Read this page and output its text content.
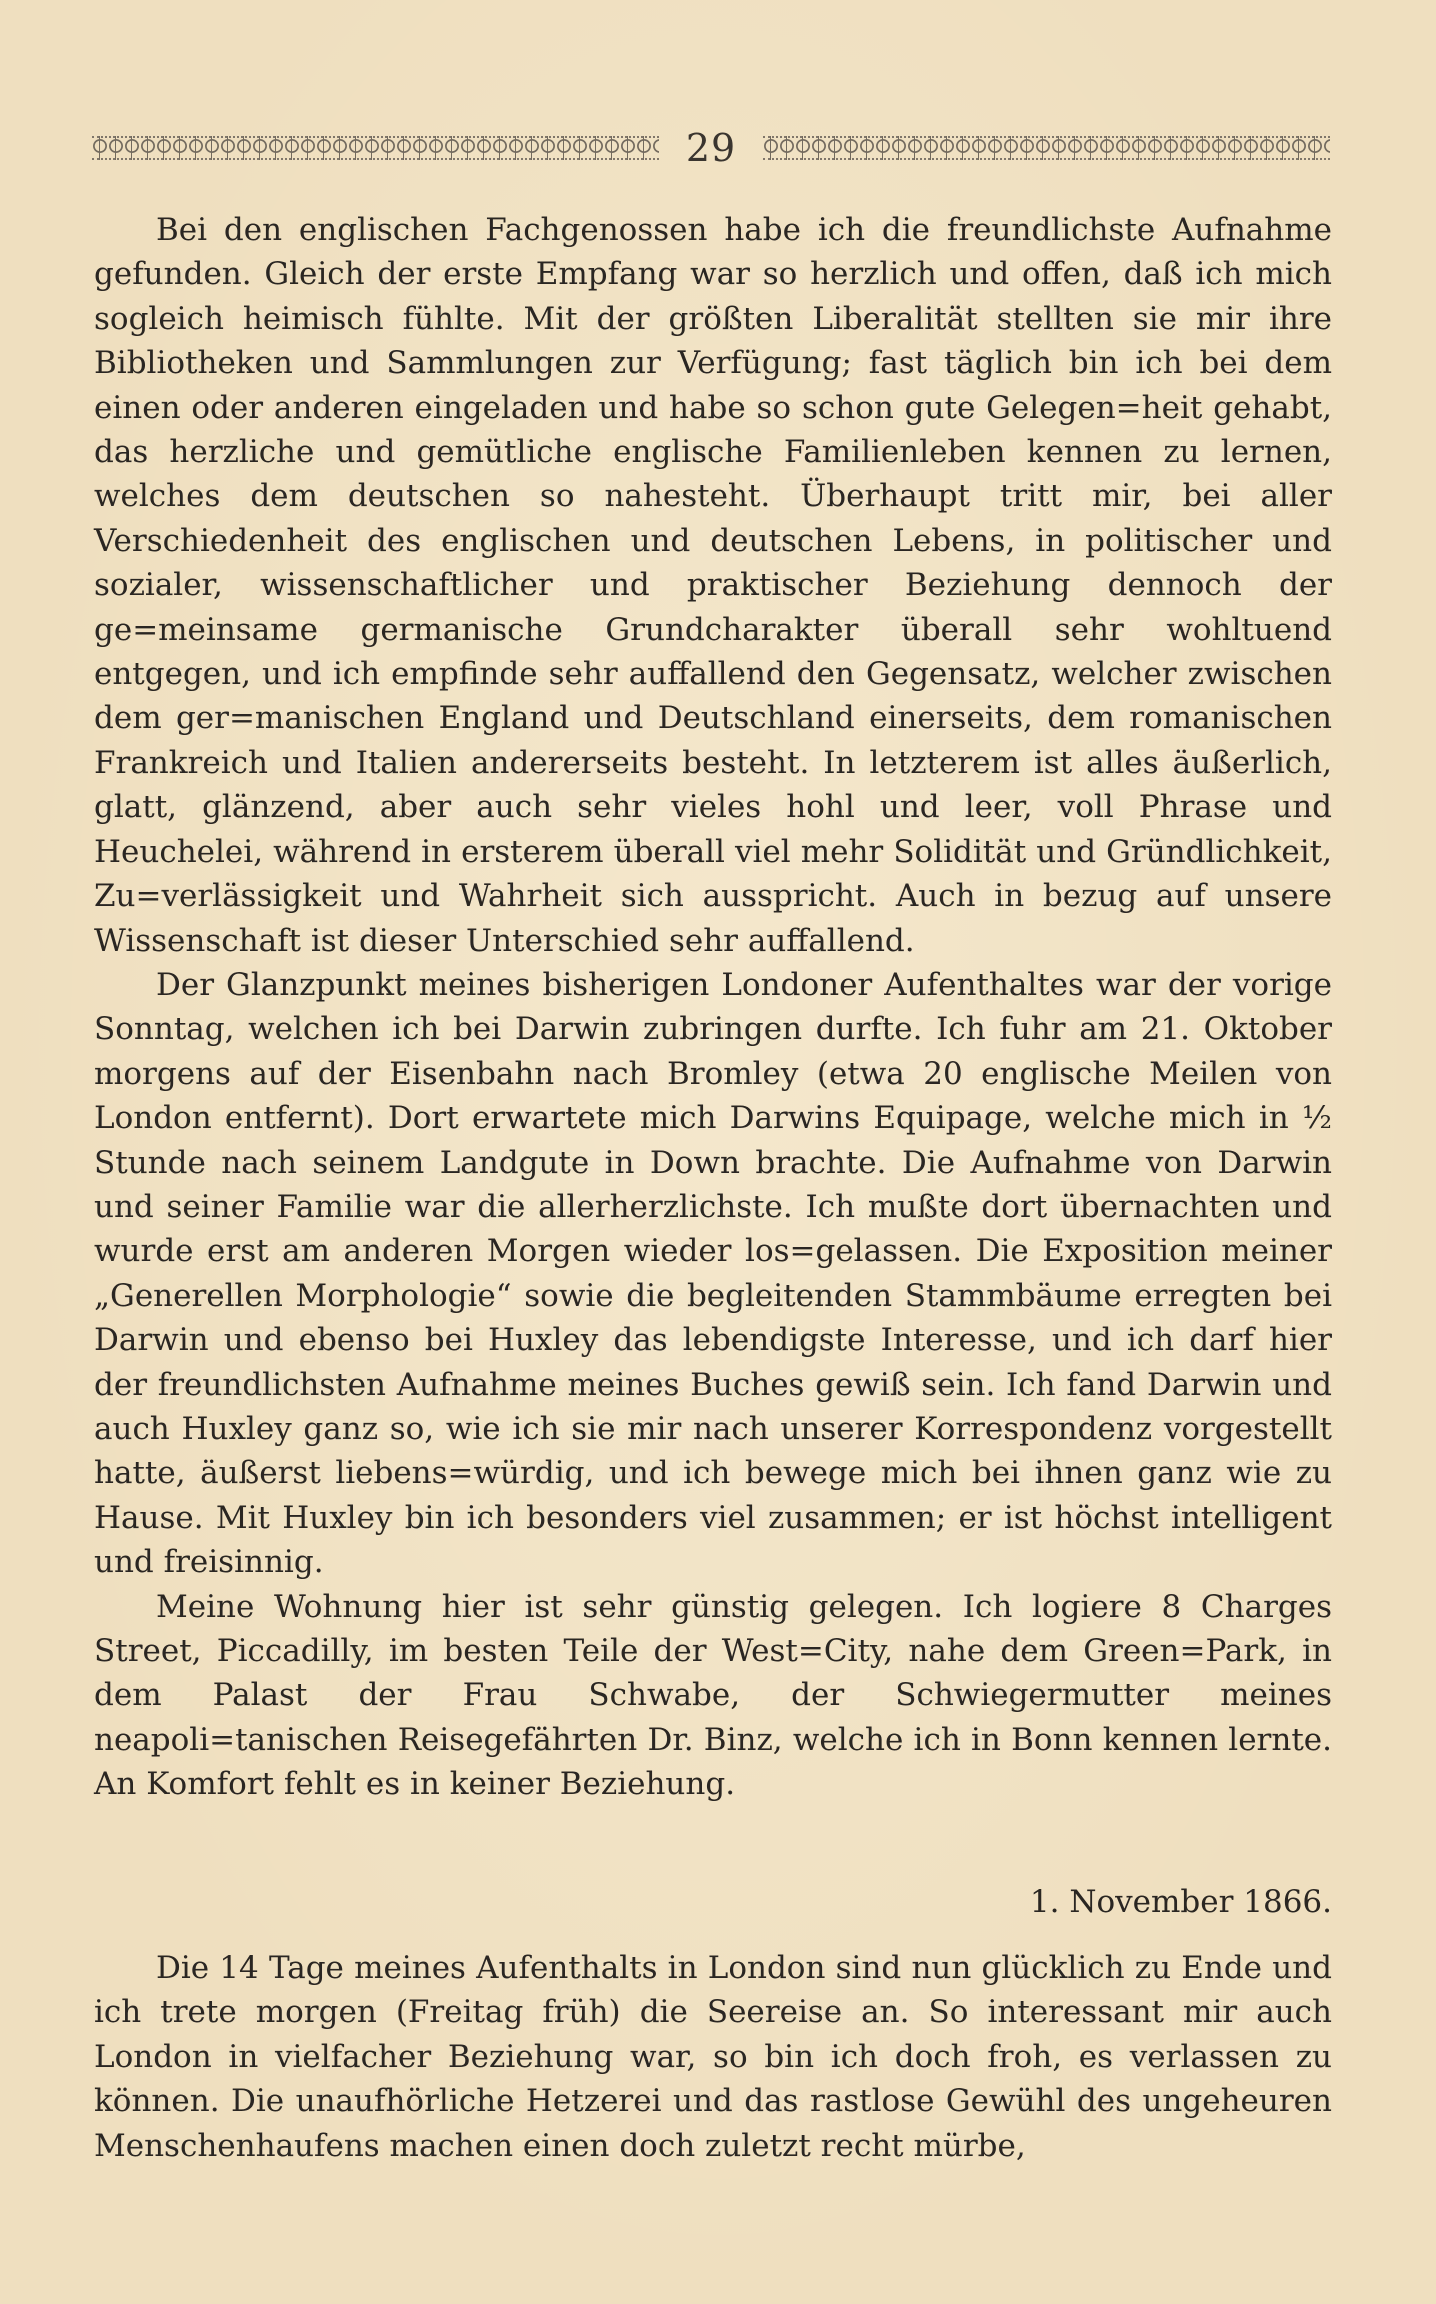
29

Bei den englischen Fachgenossen habe ich die freundlichste Aufnahme gefunden. Gleich der erste Empfang war so herzlich und offen, daß ich mich sogleich heimisch fühlte. Mit der größten Liberalität stellten sie mir ihre Bibliotheken und Sammlungen zur Verfügung; fast täglich bin ich bei dem einen oder anderen eingeladen und habe so schon gute Gelegen=heit gehabt, das herzliche und gemütliche englische Familienleben kennen zu lernen, welches dem deutschen so nahesteht. Überhaupt tritt mir, bei aller Verschiedenheit des englischen und deutschen Lebens, in politischer und sozialer, wissenschaftlicher und praktischer Beziehung dennoch der ge=meinsame germanische Grundcharakter überall sehr wohltuend entgegen, und ich empfinde sehr auffallend den Gegensatz, welcher zwischen dem ger=manischen England und Deutschland einerseits, dem romanischen Frankreich und Italien andererseits besteht. In letzterem ist alles äußerlich, glatt, glänzend, aber auch sehr vieles hohl und leer, voll Phrase und Heuchelei, während in ersterem überall viel mehr Solidität und Gründlichkeit, Zu=verlässigkeit und Wahrheit sich ausspricht. Auch in bezug auf unsere Wissenschaft ist dieser Unterschied sehr auffallend.

Der Glanzpunkt meines bisherigen Londoner Aufenthaltes war der vorige Sonntag, welchen ich bei Darwin zubringen durfte. Ich fuhr am 21. Oktober morgens auf der Eisenbahn nach Bromley (etwa 20 englische Meilen von London entfernt). Dort erwartete mich Darwins Equipage, welche mich in ½ Stunde nach seinem Landgute in Down brachte. Die Aufnahme von Darwin und seiner Familie war die allerherzlichste. Ich mußte dort übernachten und wurde erst am anderen Morgen wieder los=gelassen. Die Exposition meiner „Generellen Morphologie“ sowie die begleitenden Stammbäume erregten bei Darwin und ebenso bei Huxley das lebendigste Interesse, und ich darf hier der freundlichsten Aufnahme meines Buches gewiß sein. Ich fand Darwin und auch Huxley ganz so, wie ich sie mir nach unserer Korrespondenz vorgestellt hatte, äußerst liebens=würdig, und ich bewege mich bei ihnen ganz wie zu Hause. Mit Huxley bin ich besonders viel zusammen; er ist höchst intelligent und freisinnig.

Meine Wohnung hier ist sehr günstig gelegen. Ich logiere 8 Charges Street, Piccadilly, im besten Teile der West=City, nahe dem Green=Park, in dem Palast der Frau Schwabe, der Schwiegermutter meines neapoli=tanischen Reisegefährten Dr. Binz, welche ich in Bonn kennen lernte. An Komfort fehlt es in keiner Beziehung.

1. November 1866.

Die 14 Tage meines Aufenthalts in London sind nun glücklich zu Ende und ich trete morgen (Freitag früh) die Seereise an. So interessant mir auch London in vielfacher Beziehung war, so bin ich doch froh, es verlassen zu können. Die unaufhörliche Hetzerei und das rastlose Gewühl des ungeheuren Menschenhaufens machen einen doch zuletzt recht mürbe,
